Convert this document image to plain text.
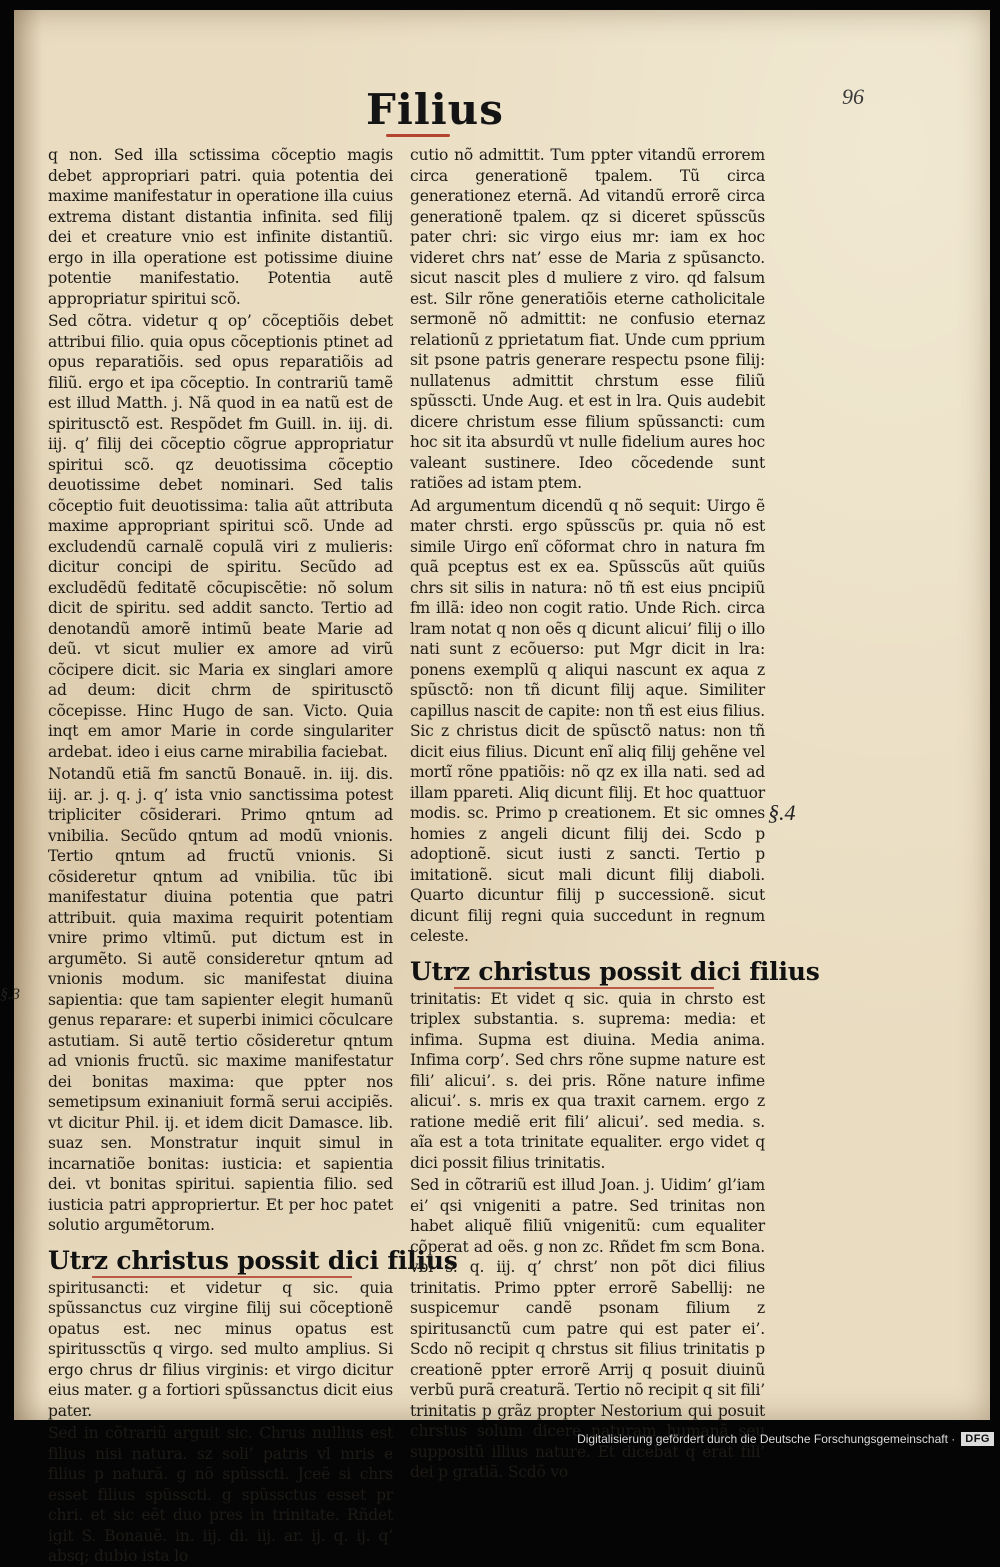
Filius	96

q non. Sed illa sctissima cõceptio magis debet appropriari patri. quia potentia dei maxime manifestatur in operatione illa cuius extrema distant distantia infinita. sed filij dei et creature vnio est infinite distantiũ. ergo in illa operatione est potissime diuine potentie manifestatio. Potentia autẽ appropriatur spiritui scõ.

Sed cõtra. videtur q op’ cõceptiõis debet attribui filio. quia opus cõceptionis ptinet ad opus reparatiõis. sed opus reparatiõis ad filiũ. ergo et ipa cõceptio. In contrariũ tamẽ est illud Matth. j. Nã quod in ea natũ est de spiritusctõ est. Respõdet fm Guill. in. iij. di. iij. q’ filij dei cõceptio cõgrue appropriatur spiritui scõ. qz deuotissima cõceptio deuotissime debet nominari. Sed talis cõceptio fuit deuotissima: talia aũt attributa maxime appropriant spiritui scõ. Unde ad excludendũ carnalẽ copulã viri z mulieris: dicitur concipi de spiritu. Secũdo ad excludẽdũ feditatẽ cõcupiscẽtie: nõ solum dicit de spiritu. sed addit sancto. Tertio ad denotandũ amorẽ intimũ beate Marie ad deũ. vt sicut mulier ex amore ad virũ cõcipere dicit. sic Maria ex singlari amore ad deum: dicit chrm de spiritusctõ cõcepisse. Hinc Hugo de san. Victo. Quia inqt em amor Marie in corde singulariter ardebat. ideo i eius carne mirabilia faciebat.

Notandũ etiã fm sanctũ Bonauẽ. in. iij. dis. iij. ar. j. q. j. q’ ista vnio sanctissima potest tripliciter cõsiderari. Primo qntum ad vnibilia. Secũdo qntum ad modũ vnionis. Tertio qntum ad fructũ vnionis. Si cõsideretur qntum ad vnibilia. tũc ibi manifestatur diuina potentia que patri attribuit. quia maxima requirit potentiam vnire primo vltimũ. put dictum est in argumẽto. Si autẽ consideretur qntum ad vnionis modum. sic manifestat diuina sapientia: que tam sapienter elegit humanũ genus reparare: et superbi inimici cõculcare astutiam. Si autẽ tertio cõsideretur qntum ad vnionis fructũ. sic maxime manifestatur dei bonitas maxima: que ppter nos semetipsum exinaniuit formã serui accipiẽs. vt dicitur Phil. ij. et idem dicit Damasce. lib. suaz sen. Monstratur inquit simul in incarnatiõe bonitas: iusticia: et sapientia dei. vt bonitas spiritui. sapientia filio. sed iusticia patri appropriertur. Et per hoc patet solutio argumẽtorum.

Utrz christus possit dici filius

spiritusancti: et videtur q sic. quia spũssanctus cuz virgine filij sui cõceptionẽ opatus est. nec minus opatus est spiritussctũs q virgo. sed multo amplius. Si ergo chrus dr filius virginis: et virgo dicitur eius mater. g a fortiori spũssanctus dicit eius pater.

Sed in cõtrariũ arguit sic. Chrus nullius est filius nisi natura. sz soli’ patris vl mris e filius p naturã. g nõ spũsscti. Jceẽ si chrs esset filius spũsscti. g spũssctus esset pr chri. et sic eẽt duo pres in trinitate. Rñdet igit S. Bonauẽ. in. iij. di. iij. ar. ij. q. ij. q’ absq; dubio ista lo

cutio nõ admittit. Tum ppter vitandũ errorem circa generationẽ tpalem. Tũ circa generationez eternã. Ad vitandũ errorẽ circa generationẽ tpalem. qz si diceret spũsscũs pater chri: sic virgo eius mr: iam ex hoc videret chrs nat’ esse de Maria z spũsancto. sicut nascit ples d muliere z viro. qd falsum est. Silr rõne generatiõis eterne catholicitale sermonẽ nõ admittit: ne confusio eternaz relationũ z pprietatum fiat. Unde cum pprium sit psone patris generare respectu psone filij: nullatenus admittit chrstum esse filiũ spũsscti. Unde Aug. et est in lra. Quis audebit dicere christum esse filium spũssancti: cum hoc sit ita absurdũ vt nulle fidelium aures hoc valeant sustinere. Ideo cõcedende sunt ratiões ad istam ptem.

Ad argumentum dicendũ q nõ sequit: Uirgo ẽ mater chrsti. ergo spũsscũs pr. quia nõ est simile Uirgo enĩ cõformat chro in natura fm quã pceptus est ex ea. Spũsscũs aũt quiũs chrs sit silis in natura: nõ tñ est eius pncipiũ fm illã: ideo non cogit ratio. Unde Rich. circa lram notat q non oẽs q dicunt alicui’ filij o illo nati sunt z ecõuerso: put Mgr dicit in lra: ponens exemplũ q aliqui nascunt ex aqua z spũsctõ: non tñ dicunt filij aque. Similiter capillus nascit de capite: non tñ est eius filius. Sic z christus dicit de spũsctõ natus: non tñ dicit eius filius. Dicunt enĩ aliq filij gehẽne vel mortĩ rõne ppatiõis: nõ qz ex illa nati. sed ad illam ppareti. Aliq dicunt filij. Et hoc quattuor modis. sc. Primo p creationem. Et sic omnes homies z angeli dicunt filij dei. Scdo p adoptionẽ. sicut iusti z sancti. Tertio p imitationẽ. sicut mali dicunt filij diaboli. Quarto dicuntur filij p successionẽ. sicut dicunt filij regni quia succedunt in regnum celeste.

Utrz christus possit dici filius

trinitatis: Et videt q sic. quia in chrsto est triplex substantia. s. suprema: media: et infima. Supma est diuina. Media anima. Infima corp’. Sed chrs rõne supme nature est fili’ alicui’. s. dei pris. Rõne nature infime alicui’. s. mris ex qua traxit carnem. ergo z ratione mediẽ erit fili’ alicui’. sed media. s. aĩa est a tota trinitate equaliter. ergo videt q dici possit filius trinitatis.

Sed in cõtrariũ est illud Joan. j. Uidim’ gl’iam ei’ qsi vnigeniti a patre. Sed trinitas non habet aliquẽ filiũ vnigenitũ: cum equaliter cõperat ad oẽs. g non zc. Rñdet fm scm Bona. vbi s. q. iij. q’ chrst’ non põt dici filius trinitatis. Primo ppter errorẽ Sabellij: ne suspicemur candẽ psonam filium z spiritusanctũ cum patre qui est pater ei’. Scdo nõ recipit q chrstus sit filius trinitatis p creationẽ ppter errorẽ Arrij q posuit diuinũ verbũ purã creaturã. Tertio nõ recipit q sit fili’ trinitatis p grãz propter Nestorium qui posuit chrstus solum dicere naturam humanã seu suppositũ illius nature. Et dicebat q erat fili’ dei p gratiã. Scdõ vo

§.4
§.3
Digitalisierung gefördert durch die Deutsche Forschungsgemeinschaft · DFG
